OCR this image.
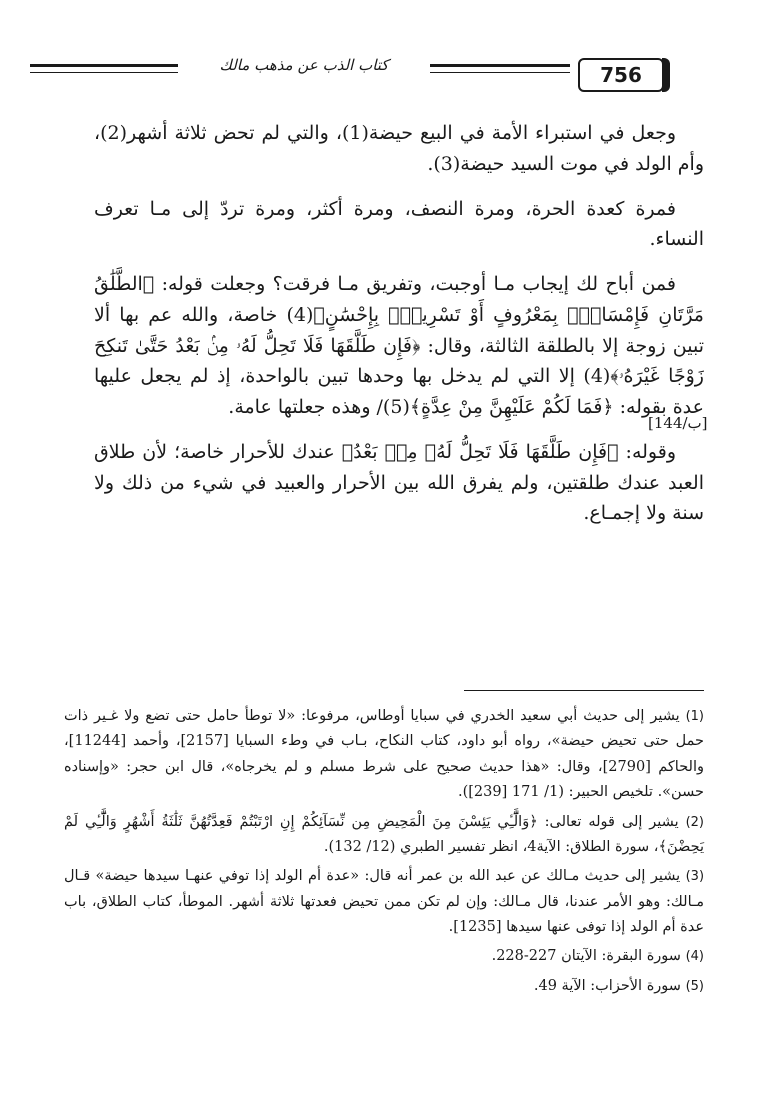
كتاب الذب عن مذهب مالك	756
[144/ب]

وجعل في استبراء الأمة في البيع حيضة(1)، والتي لم تحض ثلاثة أشهر(2)، وأم الولد في موت السيد حيضة(3).

فمرة كعدة الحرة، ومرة النصف، ومرة أكثر، ومرة تردّ إلى مـا تعرف النساء.

فمن أباح لك إيجاب مـا أوجبت، وتفريق مـا فرقت؟ وجعلت قوله: ﴿الطَّلَٰقُ مَرَّتَانِ فَإِمْسَاكُۢ بِمَعْرُوفٍ أَوْ تَسْرِيحُۢ بِإِحْسَٰنٍ﴾(4) خاصة، والله عم بها ألا تبين زوجة إلا بالطلقة الثالثة، وقال: ﴿فَإِن طَلَّقَهَا فَلَا تَحِلُّ لَهُۥ مِنۢ بَعْدُ حَتَّىٰ تَنكِحَ زَوْجًا غَيْرَهُۥ﴾(4) إلا التي لم يدخل بها وحدها تبين بالواحدة، إذ لم يجعل عليها عدة بقوله: ﴿فَمَا لَكُمْ عَلَيْهِنَّ مِنْ عِدَّةٍ﴾(5)/ وهذه جعلتها عامة.

وقوله: ﴿فَإِن طَلَّقَهَا فَلَا تَحِلُّ لَهُۥ مِنۢ بَعْدُ﴾ عندك للأحرار خاصة؛ لأن طلاق العبد عندك طلقتين، ولم يفرق الله بين الأحرار والعبيد في شيء من ذلك ولا سنة ولا إجمـاع.

(1) يشير إلى حديث أبي سعيد الخدري في سبايا أوطاس، مرفوعا: «لا توطأ حامل حتى تضع ولا غـير ذات حمل حتى تحيض حيضة»، رواه أبو داود، كتاب النكاح، بـاب في وطء السبايا [2157]، وأحمد [11244]، والحاكم [2790]، وقال: «هذا حديث صحيح على شرط مسلم و لم يخرجاه»، قال ابن حجر: «وإسناده حسن». تلخيص الحبير: (1/ 171 [239]).

(2) يشير إلى قوله تعالى: ﴿وَالَّٰٓـِٔي يَئِسْنَ مِنَ الْمَحِيضِ مِن نِّسَآئِكُمْ إِنِ ارْتَبْتُمْ فَعِدَّتُهُنَّ ثَلَٰثَةُ أَشْهُرٍ وَالَّٰٓـِٔي لَمْ يَحِضْنَ﴾، سورة الطلاق: الآية4، انظر تفسير الطبري (12/ 132).

(3) يشير إلى حديث مـالك عن عبد الله بن عمر أنه قال: «عدة أم الولد إذا توفي عنهـا سيدها حيضة» قـال مـالك: وهو الأمر عندنا، قال مـالك: وإن لم تكن ممن تحيض فعدتها ثلاثة أشهر. الموطأ، كتاب الطلاق، باب عدة أم الولد إذا توفى عنها سيدها [1235].

(4) سورة البقرة: الآيتان 227-228.

(5) سورة الأحزاب: الآية 49.
